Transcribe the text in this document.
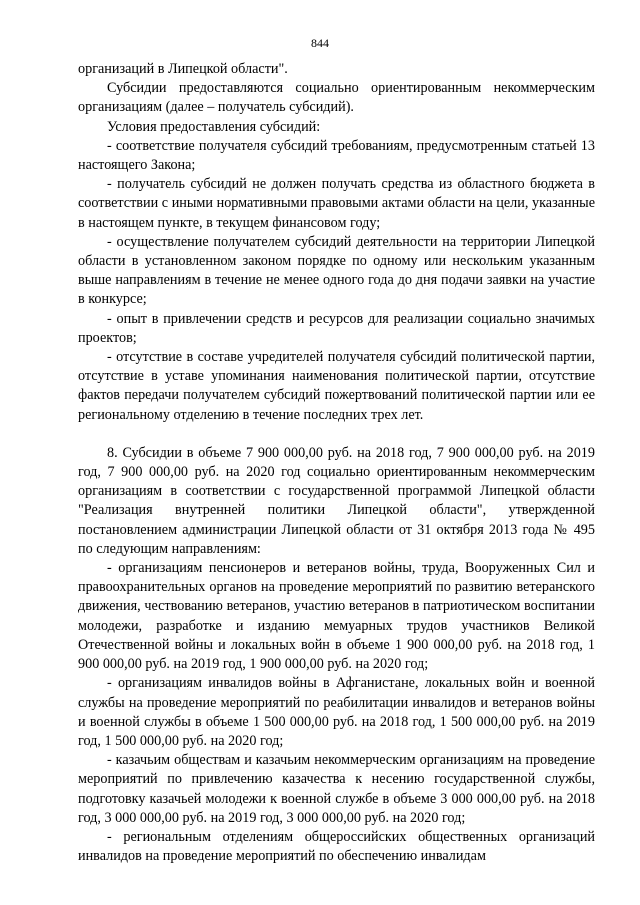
844

организаций в Липецкой области".

Субсидии предоставляются социально ориентированным некоммерческим организациям (далее – получатель субсидий).

Условия предоставления субсидий:

- соответствие получателя субсидий требованиям, предусмотренным статьей 13 настоящего Закона;

- получатель субсидий не должен получать средства из областного бюджета в соответствии с иными нормативными правовыми актами области на цели, указанные в настоящем пункте, в текущем финансовом году;

- осуществление получателем субсидий деятельности на территории Липецкой области в установленном законом порядке по одному или нескольким указанным выше направлениям в течение не менее одного года до дня подачи заявки на участие в конкурсе;

- опыт в привлечении средств и ресурсов для реализации социально значимых проектов;

- отсутствие в составе учредителей получателя субсидий политической партии, отсутствие в уставе упоминания наименования политической партии, отсутствие фактов передачи получателем субсидий пожертвований политической партии или ее региональному отделению в течение последних трех лет.

8. Субсидии в объеме 7 900 000,00 руб. на 2018 год, 7 900 000,00 руб. на 2019 год, 7 900 000,00 руб. на 2020 год социально ориентированным некоммерческим организациям в соответствии с государственной программой Липецкой области "Реализация внутренней политики Липецкой области", утвержденной постановлением администрации Липецкой области от 31 октября 2013 года № 495 по следующим направлениям:

- организациям пенсионеров и ветеранов войны, труда, Вооруженных Сил и правоохранительных органов на проведение мероприятий по развитию ветеранского движения, чествованию ветеранов, участию ветеранов в патриотическом воспитании молодежи, разработке и изданию мемуарных трудов участников Великой Отечественной войны и локальных войн в объеме 1 900 000,00 руб. на 2018 год, 1 900 000,00 руб. на 2019 год, 1 900 000,00 руб. на 2020 год;

- организациям инвалидов войны в Афганистане, локальных войн и военной службы на проведение мероприятий по реабилитации инвалидов и ветеранов войны и военной службы в объеме 1 500 000,00 руб. на 2018 год, 1 500 000,00 руб. на 2019 год, 1 500 000,00 руб. на 2020 год;

- казачьим обществам и казачьим некоммерческим организациям на проведение мероприятий по привлечению казачества к несению государственной службы, подготовку казачьей молодежи к военной службе в объеме 3 000 000,00 руб. на 2018 год, 3 000 000,00 руб. на 2019 год, 3 000 000,00 руб. на 2020 год;

- региональным отделениям общероссийских общественных организаций инвалидов на проведение мероприятий по обеспечению инвалидам
